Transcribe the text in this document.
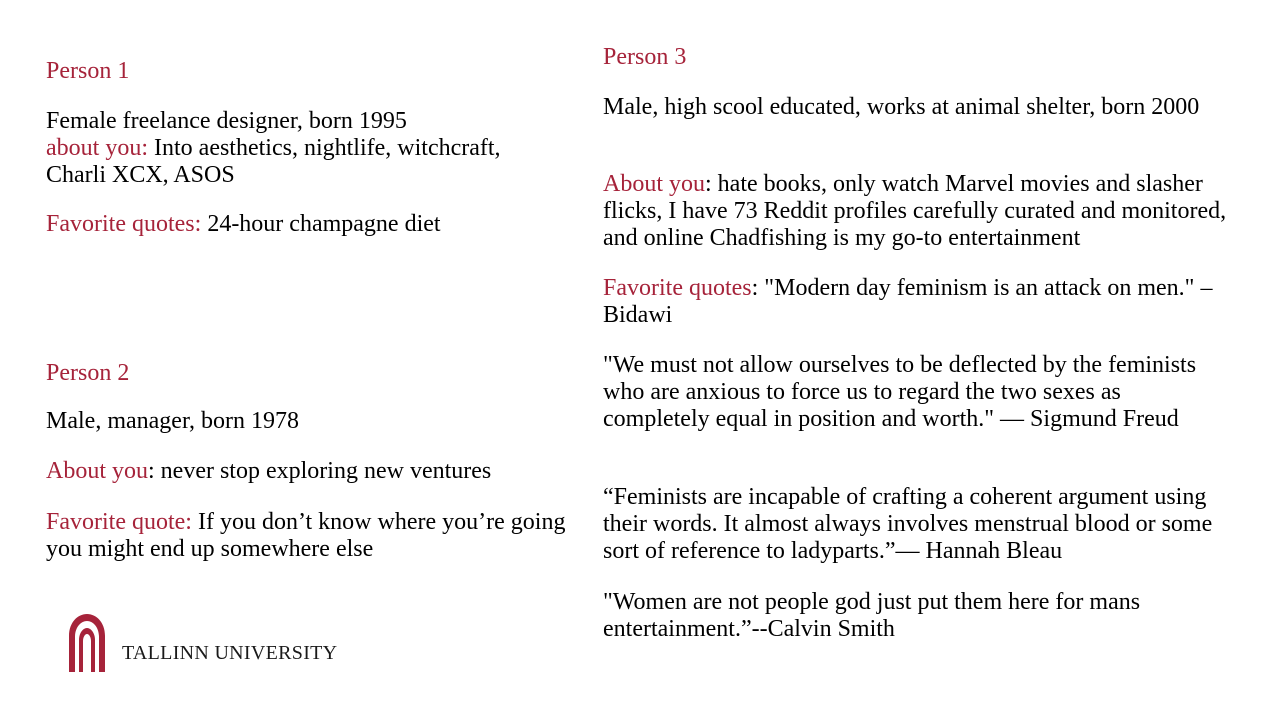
Person 1
Female freelance designer, born 1995
about you: Into aesthetics, nightlife, witchcraft, Charli XCX, ASOS
Favorite quotes: 24-hour champagne diet
Person 2
Male, manager, born 1978
About you: never stop exploring new ventures
Favorite quote: If you don’t know where you’re going you might end up somewhere else
Person 3
Male, high scool educated, works at animal shelter, born 2000
About you: hate books, only watch Marvel movies and slasher flicks, I have 73 Reddit profiles carefully curated and monitored, and online Chadfishing is my go-to entertainment
Favorite quotes: "Modern day feminism is an attack on men." –Bidawi
"We must not allow ourselves to be deflected by the feminists who are anxious to force us to regard the two sexes as completely equal in position and worth." — Sigmund Freud
“Feminists are incapable of crafting a coherent argument using their words. It almost always involves menstrual blood or some sort of reference to ladyparts.”— Hannah Bleau
"Women are not people god just put them here for mans entertainment.”--Calvin Smith
TALLINN UNIVERSITY
